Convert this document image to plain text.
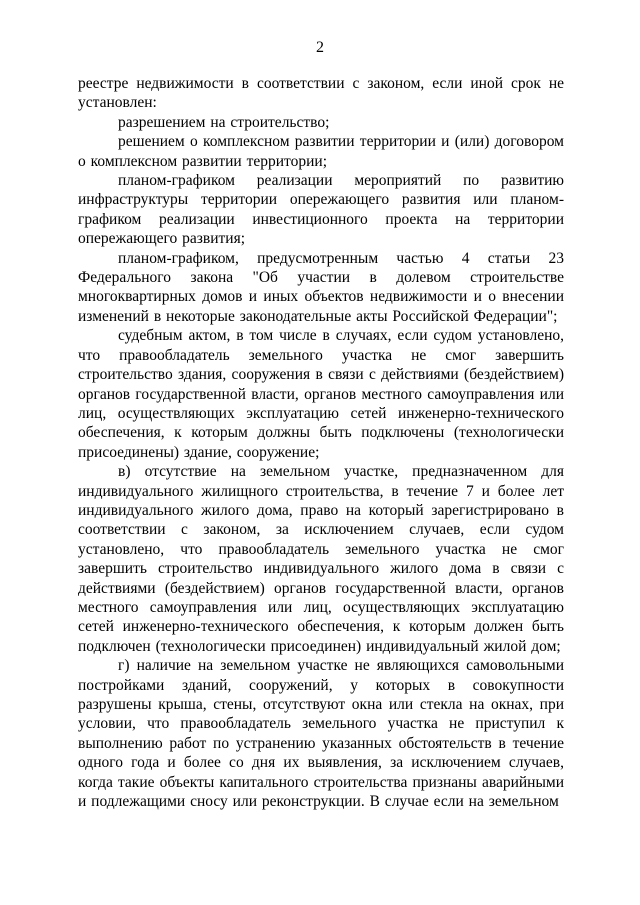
2

реестре недвижимости в соответствии с законом, если иной срок не установлен:

разрешением на строительство;

решением о комплексном развитии территории и (или) договором о комплексном развитии территории;

планом-графиком реализации мероприятий по развитию инфраструктуры территории опережающего развития или планом-графиком реализации инвестиционного проекта на территории опережающего развития;

планом-графиком, предусмотренным частью 4 статьи 23 Федерального закона "Об участии в долевом строительстве многоквартирных домов и иных объектов недвижимости и о внесении изменений в некоторые законодательные акты Российской Федерации";

судебным актом, в том числе в случаях, если судом установлено, что правообладатель земельного участка не смог завершить строительство здания, сооружения в связи с действиями (бездействием) органов государственной власти, органов местного самоуправления или лиц, осуществляющих эксплуатацию сетей инженерно-технического обеспечения, к которым должны быть подключены (технологически присоединены) здание, сооружение;

в) отсутствие на земельном участке, предназначенном для индивидуального жилищного строительства, в течение 7 и более лет индивидуального жилого дома, право на который зарегистрировано в соответствии с законом, за исключением случаев, если судом установлено, что правообладатель земельного участка не смог завершить строительство индивидуального жилого дома в связи с действиями (бездействием) органов государственной власти, органов местного самоуправления или лиц, осуществляющих эксплуатацию сетей инженерно-технического обеспечения, к которым должен быть подключен (технологически присоединен) индивидуальный жилой дом;

г) наличие на земельном участке не являющихся самовольными постройками зданий, сооружений, у которых в совокупности разрушены крыша, стены, отсутствуют окна или стекла на окнах, при условии, что правообладатель земельного участка не приступил к выполнению работ по устранению указанных обстоятельств в течение одного года и более со дня их выявления, за исключением случаев, когда такие объекты капитального строительства признаны аварийными и подлежащими сносу или реконструкции. В случае если на земельном
